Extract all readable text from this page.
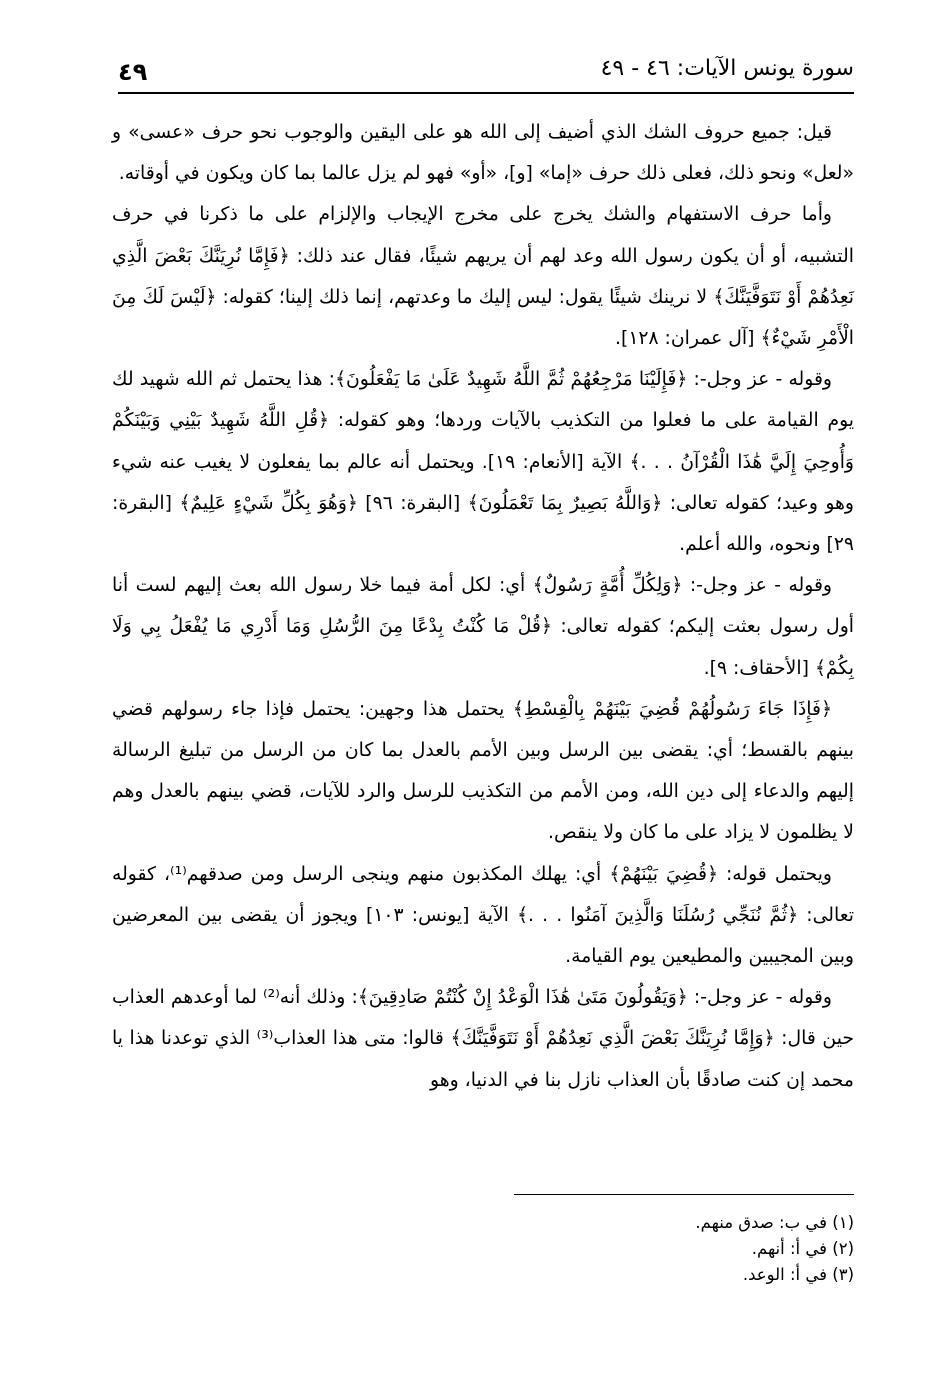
٤٩	سورة يونس الآيات: ٤٦ - ٤٩

قيل: جميع حروف الشك الذي أضيف إلى الله هو على اليقين والوجوب نحو حرف «عسى» و «لعل» ونحو ذلك، فعلى ذلك حرف «إما» [و]، «أو» فهو لم يزل عالما بما كان ويكون في أوقاته.

وأما حرف الاستفهام والشك يخرج على مخرج الإيجاب والإلزام على ما ذكرنا في حرف التشبيه، أو أن يكون رسول الله وعد لهم أن يريهم شيئًا، فقال عند ذلك: ﴿فَإِمَّا نُرِيَنَّكَ بَعْضَ الَّذِي نَعِدُهُمْ أَوْ نَتَوَفَّيَنَّكَ﴾ لا نرينك شيئًا يقول: ليس إليك ما وعدتهم، إنما ذلك إلينا؛ كقوله: ﴿لَيْسَ لَكَ مِنَ الْأَمْرِ شَيْءٌ﴾ [آل عمران: ١٢٨].

وقوله - عز وجل-: ﴿فَإِلَيْنَا مَرْجِعُهُمْ ثُمَّ اللَّهُ شَهِيدٌ عَلَىٰ مَا يَفْعَلُونَ﴾: هذا يحتمل ثم الله شهيد لك يوم القيامة على ما فعلوا من التكذيب بالآيات وردها؛ وهو كقوله: ﴿قُلِ اللَّهُ شَهِيدٌ بَيْنِي وَبَيْنَكُمْ وَأُوحِيَ إِلَيَّ هَٰذَا الْقُرْآنُ . . .﴾ الآية [الأنعام: ١٩]. ويحتمل أنه عالم بما يفعلون لا يغيب عنه شيء وهو وعيد؛ كقوله تعالى: ﴿وَاللَّهُ بَصِيرٌ بِمَا تَعْمَلُونَ﴾ [البقرة: ٩٦] ﴿وَهُوَ بِكُلِّ شَيْءٍ عَلِيمٌ﴾ [البقرة: ٢٩] ونحوه، والله أعلم.

وقوله - عز وجل-: ﴿وَلِكُلِّ أُمَّةٍ رَسُولٌ﴾ أي: لكل أمة فيما خلا رسول الله بعث إليهم لست أنا أول رسول بعثت إليكم؛ كقوله تعالى: ﴿قُلْ مَا كُنْتُ بِدْعًا مِنَ الرُّسُلِ وَمَا أَدْرِي مَا يُفْعَلُ بِي وَلَا بِكُمْ﴾ [الأحقاف: ٩].

﴿فَإِذَا جَاءَ رَسُولُهُمْ قُضِيَ بَيْنَهُمْ بِالْقِسْطِ﴾ يحتمل هذا وجهين: يحتمل فإذا جاء رسولهم قضي بينهم بالقسط؛ أي: يقضى بين الرسل وبين الأمم بالعدل بما كان من الرسل من تبليغ الرسالة إليهم والدعاء إلى دين الله، ومن الأمم من التكذيب للرسل والرد للآيات، قضي بينهم بالعدل وهم لا يظلمون لا يزاد على ما كان ولا ينقص.

ويحتمل قوله: ﴿قُضِيَ بَيْنَهُمْ﴾ أي: يهلك المكذبون منهم وينجى الرسل ومن صدقهم⁽¹⁾، كقوله تعالى: ﴿ثُمَّ نُنَجِّي رُسُلَنَا وَالَّذِينَ آمَنُوا . . .﴾ الآية [يونس: ١٠٣] ويجوز أن يقضى بين المعرضين وبين المجيبين والمطيعين يوم القيامة.

وقوله - عز وجل-: ﴿وَيَقُولُونَ مَتَىٰ هَٰذَا الْوَعْدُ إِنْ كُنْتُمْ صَادِقِينَ﴾: وذلك أنه⁽²⁾ لما أوعدهم العذاب حين قال: ﴿وَإِمَّا نُرِيَنَّكَ بَعْضَ الَّذِي نَعِدُهُمْ أَوْ نَتَوَفَّيَنَّكَ﴾ قالوا: متى هذا العذاب⁽³⁾ الذي توعدنا هذا يا محمد إن كنت صادقًا بأن العذاب نازل بنا في الدنيا، وهو

(١) في ب: صدق منهم.

(٢) في أ: أنهم.

(٣) في أ: الوعد.
